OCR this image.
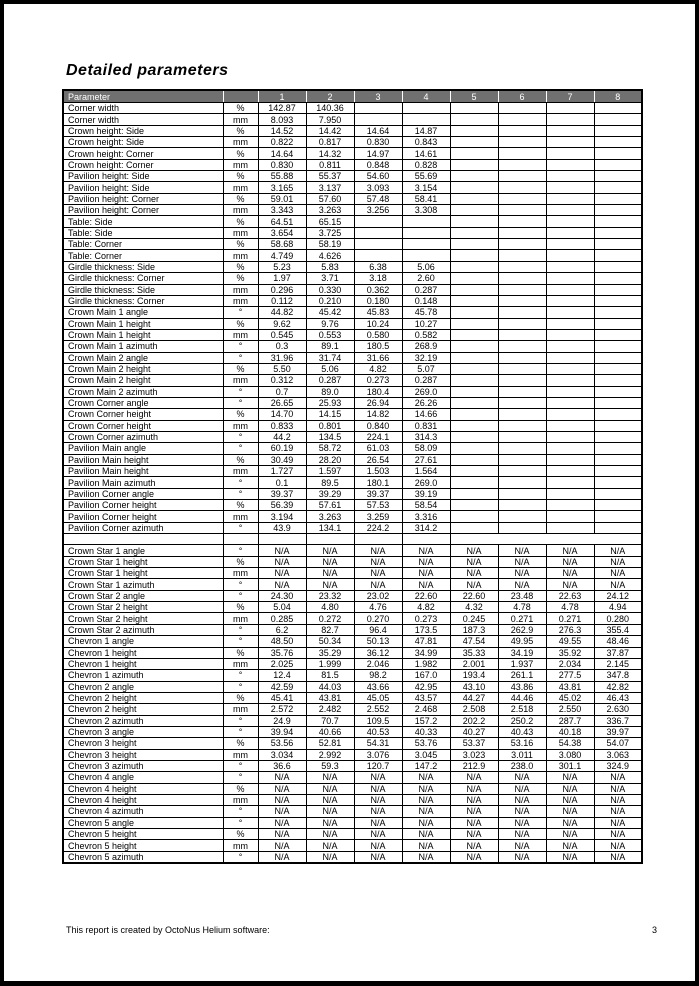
Detailed parameters
Parameter		1	2	3	4	5	6	7	8
Corner width	%	142.87	140.36						
Corner width	mm	8.093	7.950						
Crown height: Side	%	14.52	14.42	14.64	14.87				
Crown height: Side	mm	0.822	0.817	0.830	0.843				
Crown height: Corner	%	14.64	14.32	14.97	14.61				
Crown height: Corner	mm	0.830	0.811	0.848	0.828				
Pavilion height: Side	%	55.88	55.37	54.60	55.69				
Pavilion height: Side	mm	3.165	3.137	3.093	3.154				
Pavilion height: Corner	%	59.01	57.60	57.48	58.41				
Pavilion height: Corner	mm	3.343	3.263	3.256	3.308				
Table: Side	%	64.51	65.15						
Table: Side	mm	3.654	3.725						
Table: Corner	%	58.68	58.19						
Table: Corner	mm	4.749	4.626						
Girdle thickness: Side	%	5.23	5.83	6.38	5.06				
Girdle thickness: Corner	%	1.97	3.71	3.18	2.60				
Girdle thickness: Side	mm	0.296	0.330	0.362	0.287				
Girdle thickness: Corner	mm	0.112	0.210	0.180	0.148				
Crown Main 1 angle	°	44.82	45.42	45.83	45.78				
Crown Main 1 height	%	9.62	9.76	10.24	10.27				
Crown Main 1 height	mm	0.545	0.553	0.580	0.582				
Crown Main 1 azimuth	°	0.3	89.1	180.5	268.9				
Crown Main 2 angle	°	31.96	31.74	31.66	32.19				
Crown Main 2 height	%	5.50	5.06	4.82	5.07				
Crown Main 2 height	mm	0.312	0.287	0.273	0.287				
Crown Main 2 azimuth	°	0.7	89.0	180.4	269.0				
Crown Corner angle	°	26.65	25.93	26.94	26.26				
Crown Corner height	%	14.70	14.15	14.82	14.66				
Crown Corner height	mm	0.833	0.801	0.840	0.831				
Crown Corner azimuth	°	44.2	134.5	224.1	314.3				
Pavilion Main angle	°	60.19	58.72	61.03	58.09				
Pavilion Main height	%	30.49	28.20	26.54	27.61				
Pavilion Main height	mm	1.727	1.597	1.503	1.564				
Pavilion Main azimuth	°	0.1	89.5	180.1	269.0				
Pavilion Corner angle	°	39.37	39.29	39.37	39.19				
Pavilion Corner height	%	56.39	57.61	57.53	58.54				
Pavilion Corner height	mm	3.194	3.263	3.259	3.316				
Pavilion Corner azimuth	°	43.9	134.1	224.2	314.2				

Crown Star 1 angle	°	N/A	N/A	N/A	N/A	N/A	N/A	N/A	N/A
Crown Star 1 height	%	N/A	N/A	N/A	N/A	N/A	N/A	N/A	N/A
Crown Star 1 height	mm	N/A	N/A	N/A	N/A	N/A	N/A	N/A	N/A
Crown Star 1 azimuth	°	N/A	N/A	N/A	N/A	N/A	N/A	N/A	N/A
Crown Star 2 angle	°	24.30	23.32	23.02	22.60	22.60	23.48	22.63	24.12
Crown Star 2 height	%	5.04	4.80	4.76	4.82	4.32	4.78	4.78	4.94
Crown Star 2 height	mm	0.285	0.272	0.270	0.273	0.245	0.271	0.271	0.280
Crown Star 2 azimuth	°	6.2	82.7	96.4	173.5	187.3	262.9	276.3	355.4
Chevron 1 angle	°	48.50	50.34	50.13	47.81	47.54	49.95	49.55	48.46
Chevron 1 height	%	35.76	35.29	36.12	34.99	35.33	34.19	35.92	37.87
Chevron 1 height	mm	2.025	1.999	2.046	1.982	2.001	1.937	2.034	2.145
Chevron 1 azimuth	°	12.4	81.5	98.2	167.0	193.4	261.1	277.5	347.8
Chevron 2 angle	°	42.59	44.03	43.66	42.95	43.10	43.86	43.81	42.82
Chevron 2 height	%	45.41	43.81	45.05	43.57	44.27	44.46	45.02	46.43
Chevron 2 height	mm	2.572	2.482	2.552	2.468	2.508	2.518	2.550	2.630
Chevron 2 azimuth	°	24.9	70.7	109.5	157.2	202.2	250.2	287.7	336.7
Chevron 3 angle	°	39.94	40.66	40.53	40.33	40.27	40.43	40.18	39.97
Chevron 3 height	%	53.56	52.81	54.31	53.76	53.37	53.16	54.38	54.07
Chevron 3 height	mm	3.034	2.992	3.076	3.045	3.023	3.011	3.080	3.063
Chevron 3 azimuth	°	36.6	59.3	120.7	147.2	212.9	238.0	301.1	324.9
Chevron 4 angle	°	N/A	N/A	N/A	N/A	N/A	N/A	N/A	N/A
Chevron 4 height	%	N/A	N/A	N/A	N/A	N/A	N/A	N/A	N/A
Chevron 4 height	mm	N/A	N/A	N/A	N/A	N/A	N/A	N/A	N/A
Chevron 4 azimuth	°	N/A	N/A	N/A	N/A	N/A	N/A	N/A	N/A
Chevron 5 angle	°	N/A	N/A	N/A	N/A	N/A	N/A	N/A	N/A
Chevron 5 height	%	N/A	N/A	N/A	N/A	N/A	N/A	N/A	N/A
Chevron 5 height	mm	N/A	N/A	N/A	N/A	N/A	N/A	N/A	N/A
Chevron 5 azimuth	°	N/A	N/A	N/A	N/A	N/A	N/A	N/A	N/A
This report is created by OctoNus Helium software:	3
